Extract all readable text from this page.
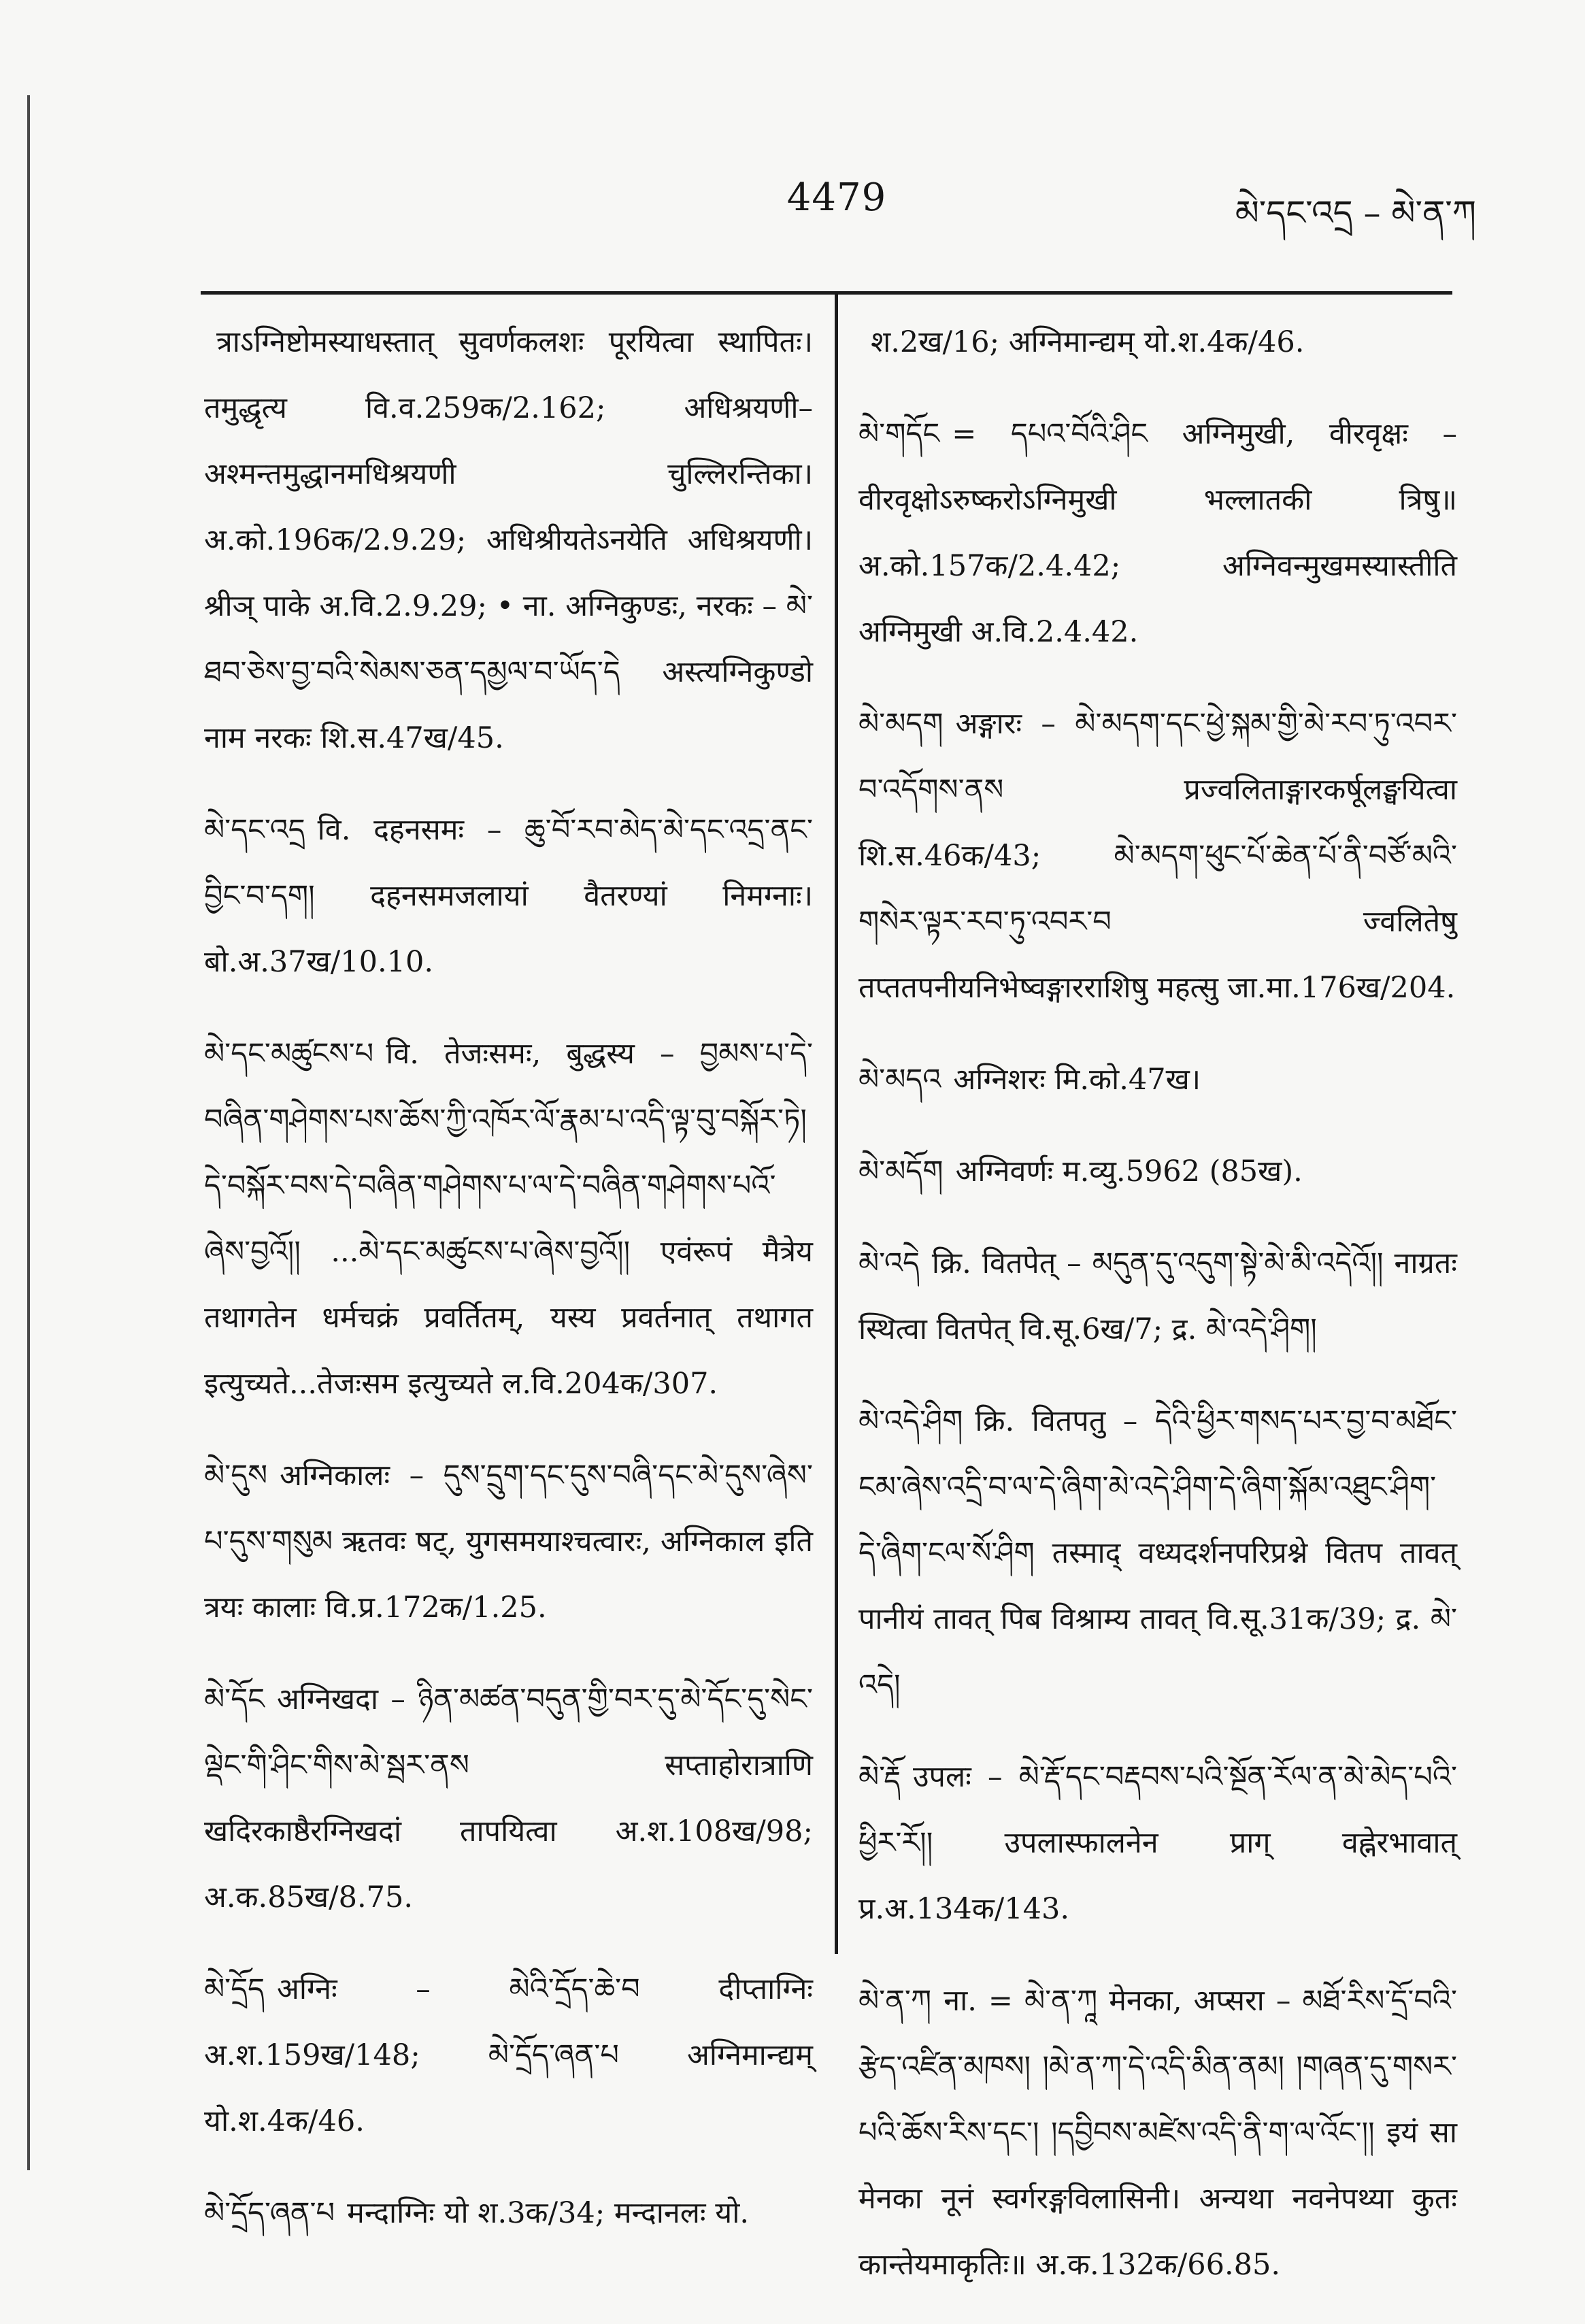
4479	མེ་དང་འདྲ – མེ་ན་ཀ
त्राऽग्निष्टोमस्याधस्तात् सुवर्णकलशः पूरयित्वा स्थापितः। तमुद्धृत्य वि.व.259क/2.162; अधिश्रयणी–अश्मन्तमुद्धानमधिश्रयणी चुल्लिरन्तिका। अ.को.196क/2.9.29; अधिश्रीयतेऽनयेति अधिश्रयणी। श्रीञ् पाके अ.वि.2.9.29; • ना. अग्निकुण्डः, नरकः – མེ་ཐབ་ཅེས་བྱ་བའི་སེམས་ཅན་དམྱལ་བ་ཡོད་དེ अस्त्यग्निकुण्डो नाम नरकः शि.स.47ख/45.
མེ་དང་འདྲ वि. दहनसमः – ཆུ་བོ་རབ་མེད་མེ་དང་འདྲ་ནང་བྱིང་བ་དག། दहनसमजलायां वैतरण्यां निमग्नाः। बो.अ.37ख/10.10.
མེ་དང་མཚུངས་པ वि. तेजःसमः, बुद्धस्य – བྱམས་པ་དེ་བཞིན་གཤེགས་པས་ཆོས་ཀྱི་འཁོར་ལོ་རྣམ་པ་འདི་ལྟ་བུ་བསྐོར་ཏེ། དེ་བསྐོར་བས་དེ་བཞིན་གཤེགས་པ་ལ་དེ་བཞིན་གཤེགས་པའོ་ཞེས་བྱའོ།། ...མེ་དང་མཚུངས་པ་ཞེས་བྱའོ།། एवंरूपं मैत्रेय तथागतेन धर्मचक्रं प्रवर्तितम्, यस्य प्रवर्तनात् तथागत इत्युच्यते...तेजःसम इत्युच्यते ल.वि.204क/307.
མེ་དུས अग्निकालः – དུས་དྲུག་དང་དུས་བཞི་དང་མེ་དུས་ཞེས་པ་དུས་གསུམ ऋतवः षट्, युगसमयाश्चत्वारः, अग्निकाल इति त्रयः कालाः वि.प्र.172क/1.25.
མེ་དོང अग्निखदा – ཉིན་མཚན་བདུན་གྱི་བར་དུ་མེ་དོང་དུ་སེང་ལྡེང་གི་ཤིང་གིས་མེ་སྦར་ནས सप्ताहोरात्राणि खदिरकाष्ठैरग्निखदां तापयित्वा अ.श.108ख/98; अ.क.85ख/8.75.
མེ་དྲོད अग्निः – མེའི་དྲོད་ཆེ་བ दीप्ताग्निः अ.श.159ख/148; མེ་དྲོད་ཞན་པ अग्निमान्द्यम् यो.श.4क/46.
མེ་དྲོད་ཞན་པ मन्दाग्निः यो श.3क/34; मन्दानलः यो.
श.2ख/16; अग्निमान्द्यम् यो.श.4क/46.
མེ་གདོང = དཔའ་བོའི་ཤིང अग्निमुखी, वीरवृक्षः – वीरवृक्षोऽरुष्करोऽग्निमुखी भल्लातकी त्रिषु॥ अ.को.157क/2.4.42; अग्निवन्मुखमस्यास्तीति अग्निमुखी अ.वि.2.4.42.
མེ་མདག अङ्गारः – མེ་མདག་དང་ཕྱེ་སྐམ་གྱི་མེ་རབ་ཏུ་འབར་བ་འདོགས་ནས प्रज्वलिताङ्गारकर्षूलङ्घयित्वा शि.स.46क/43; མེ་མདག་ཕུང་པོ་ཆེན་པོ་ནི་བཙོ་མའི་གསེར་ལྟར་རབ་ཏུ་འབར་བ ज्वलितेषु तप्ततपनीयनिभेष्वङ्गारराशिषु महत्सु जा.मा.176ख/204.
མེ་མདའ अग्निशरः मि.को.47ख।
མེ་མདོག अग्निवर्णः म.व्यु.5962 (85ख).
མེ་འདེ क्रि. वितपेत् – མདུན་དུ་འདུག་སྟེ་མེ་མི་འདེའོ།། नाग्रतः स्थित्वा वितपेत् वि.सू.6ख/7; द्र. མེ་འདེ་ཤིག།
མེ་འདེ་ཤིག क्रि. वितपतु – དེའི་ཕྱིར་གསད་པར་བྱ་བ་མཐོང་ངམ་ཞེས་འདྲི་བ་ལ་དེ་ཞིག་མེ་འདེ་ཤིག་དེ་ཞིག་སྐོམ་འཐུང་ཤིག་དེ་ཞིག་ངལ་སོ་ཤིག तस्माद् वध्यदर्शनपरिप्रश्ने वितप तावत् पानीयं तावत् पिब विश्राम्य तावत् वि.सू.31क/39; द्र. མེ་འདེ།
མེ་རྡོ उपलः – མེ་རྡོ་དང་བརྡབས་པའི་སྔོན་རོལ་ན་མེ་མེད་པའི་ཕྱིར་རོ།། उपलास्फालनेन प्राग् वह्नेरभावात् प्र.अ.134क/143.
མེ་ན་ཀ ना. = མེ་ན་ཀཱ मेनका, अप्सरा – མཐོ་རིས་དྲོ་བའི་རྩེད་འཛིན་མཁས། །མེ་ན་ཀ་དེ་འདི་མིན་ནམ། །གཞན་དུ་གསར་པའི་ཆོས་རིས་དང་། །དབྱིབས་མཛེས་འདི་ནི་ག་ལ་འོང་།། इयं सा मेनका नूनं स्वर्गरङ्गविलासिनी। अन्यथा नवनेपथ्या कुतः कान्तेयमाकृतिः॥ अ.क.132क/66.85.
